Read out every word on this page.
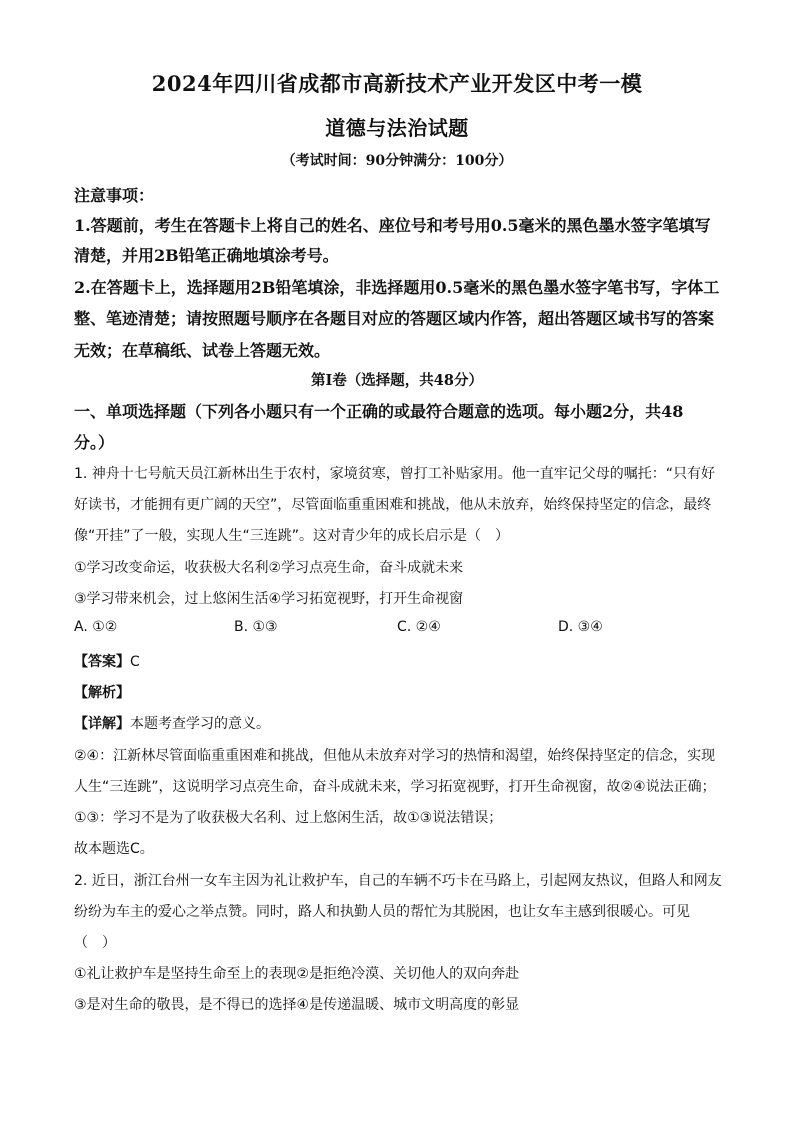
2024年四川省成都市高新技术产业开发区中考一模
道德与法治试题
（考试时间：90分钟满分：100分）
注意事项：
1.答题前，考生在答题卡上将自己的姓名、座位号和考号用0.5毫米的黑色墨水签字笔填写
清楚，并用2B铅笔正确地填涂考号。
2.在答题卡上，选择题用2B铅笔填涂，非选择题用0.5毫米的黑色墨水签字笔书写，字体工
整、笔迹清楚；请按照题号顺序在各题目对应的答题区域内作答，超出答题区域书写的答案
无效；在草稿纸、试卷上答题无效。
第Ⅰ卷（选择题，共48分）
一、单项选择题（下列各小题只有一个正确的或最符合题意的选项。每小题2分，共48
分。）
1. 神舟十七号航天员江新林出生于农村，家境贫寒，曾打工补贴家用。他一直牢记父母的嘱托：“只有好
好读书，才能拥有更广阔的天空”，尽管面临重重困难和挑战，他从未放弃，始终保持坚定的信念，最终
像“开挂”了一般，实现人生“三连跳”。这对青少年的成长启示是（　）
①学习改变命运，收获极大名利②学习点亮生命，奋斗成就未来
③学习带来机会，过上悠闲生活④学习拓宽视野，打开生命视窗
A. ①②	B. ①③	C. ②④	D. ③④
【答案】C
【解析】
【详解】本题考查学习的意义。
②④：江新林尽管面临重重困难和挑战，但他从未放弃对学习的热情和渴望，始终保持坚定的信念，实现
人生“三连跳”，这说明学习点亮生命，奋斗成就未来，学习拓宽视野，打开生命视窗，故②④说法正确；
①③：学习不是为了收获极大名利、过上悠闲生活，故①③说法错误；
故本题选C。
2. 近日，浙江台州一女车主因为礼让救护车，自己的车辆不巧卡在马路上，引起网友热议，但路人和网友
纷纷为车主的爱心之举点赞。同时，路人和执勤人员的帮忙为其脱困，也让女车主感到很暖心。可见
（　）
①礼让救护车是坚持生命至上的表现②是拒绝冷漠、关切他人的双向奔赴
③是对生命的敬畏，是不得已的选择④是传递温暖、城市文明高度的彰显
